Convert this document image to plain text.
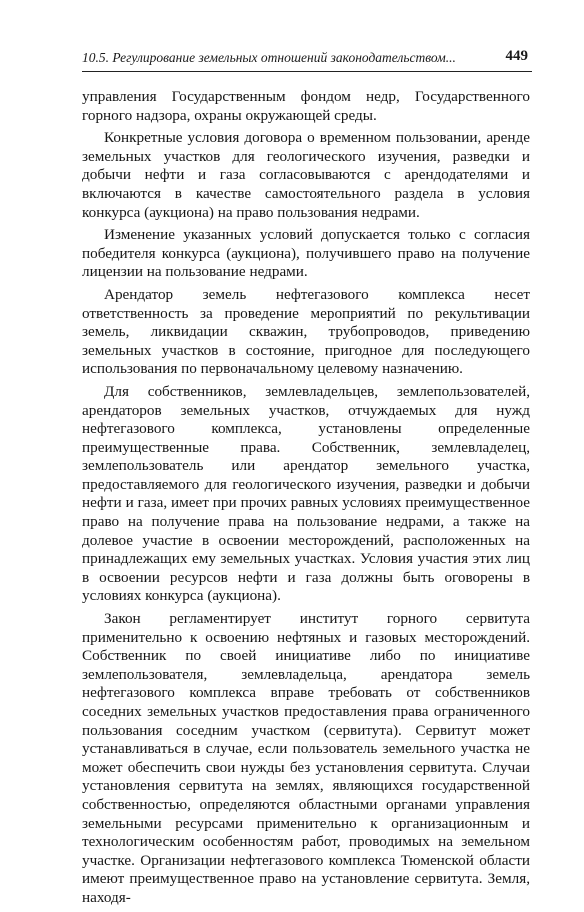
10.5. Регулирование земельных отношений законодательством...	449

управления Государственным фондом недр, Государственного горного надзора, охраны окружающей среды.

Конкретные условия договора о временном пользовании, аренде земельных участков для геологического изучения, разведки и добычи нефти и газа согласовываются с арендодателями и включаются в качестве самостоятельного раздела в условия конкурса (аукциона) на право пользования недрами.

Изменение указанных условий допускается только с согласия победителя конкурса (аукциона), получившего право на получение лицензии на пользование недрами.

Арендатор земель нефтегазового комплекса несет ответственность за проведение мероприятий по рекультивации земель, ликвидации скважин, трубопроводов, приведению земельных участков в состояние, пригодное для последующего использования по первоначальному целевому назначению.

Для собственников, землевладельцев, землепользователей, арендаторов земельных участков, отчуждаемых для нужд нефтегазового комплекса, установлены определенные преимущественные права. Собственник, землевладелец, землепользователь или арендатор земельного участка, предоставляемого для геологического изучения, разведки и добычи нефти и газа, имеет при прочих равных условиях преимущественное право на получение права на пользование недрами, а также на долевое участие в освоении месторождений, расположенных на принадлежащих ему земельных участках. Условия участия этих лиц в освоении ресурсов нефти и газа должны быть оговорены в условиях конкурса (аукциона).

Закон регламентирует институт горного сервитута применительно к освоению нефтяных и газовых месторождений. Собственник по своей инициативе либо по инициативе землепользователя, землевладельца, арендатора земель нефтегазового комплекса вправе требовать от собственников соседних земельных участков предоставления права ограниченного пользования соседним участком (сервитута). Сервитут может устанавливаться в случае, если пользователь земельного участка не может обеспечить свои нужды без установления сервитута. Случаи установления сервитута на землях, являющихся государственной собственностью, определяются областными органами управления земельными ресурсами применительно к организационным и технологическим особенностям работ, проводимых на земельном участке. Организации нефтегазового комплекса Тюменской области имеют преимущественное право на установление сервитута. Земля, находя-
